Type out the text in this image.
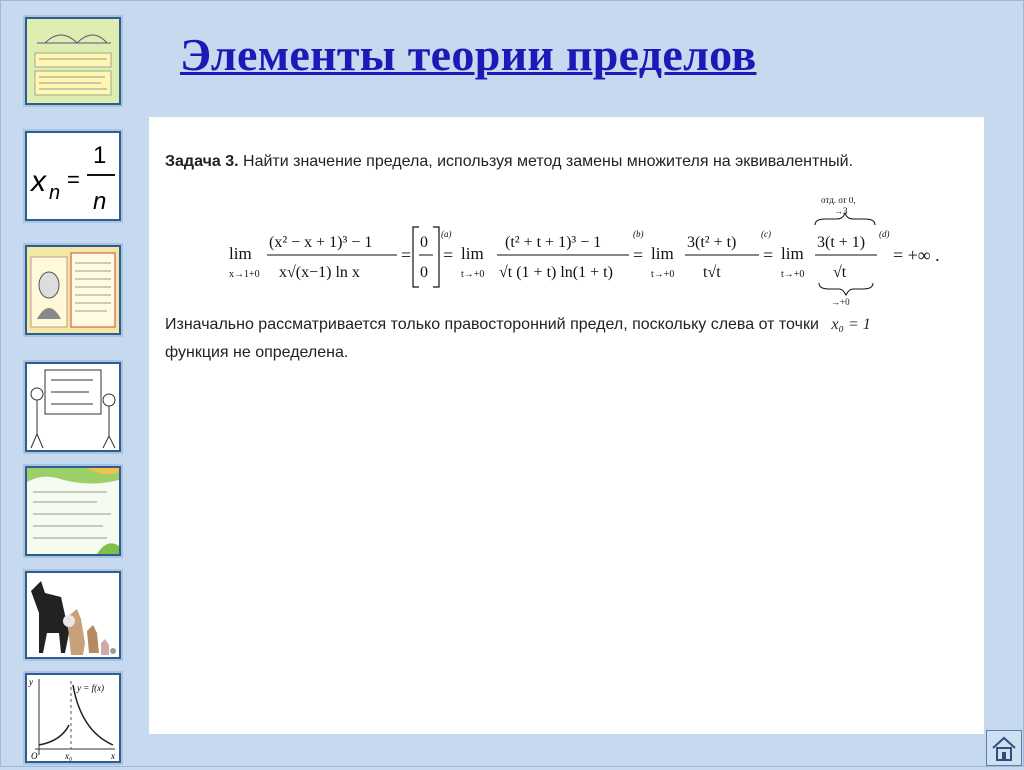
x n
=
1
n
y
y = f(x)
O	x₀	x
Элементы теории пределов
Задача 3. Найти значение предела, используя метод замены множителя на эквивалентный.
lim
x→1+0
(x² − x + 1)³ − 1
x√(x−1) ln x
=
0
0
(a)
= lim
t→+0
(t² + t + 1)³ − 1
√t (1 + t) ln(1 + t)
(b)
= lim
t→+0
3(t² + t)
t√t
(c)
= lim
t→+0
отд. от 0,
→3
3(t + 1)
√t
→+0
(d)
= +∞ .
Изначально рассматривается только правосторонний предел, поскольку слева от точки x₀ = 1
функция не определена.
